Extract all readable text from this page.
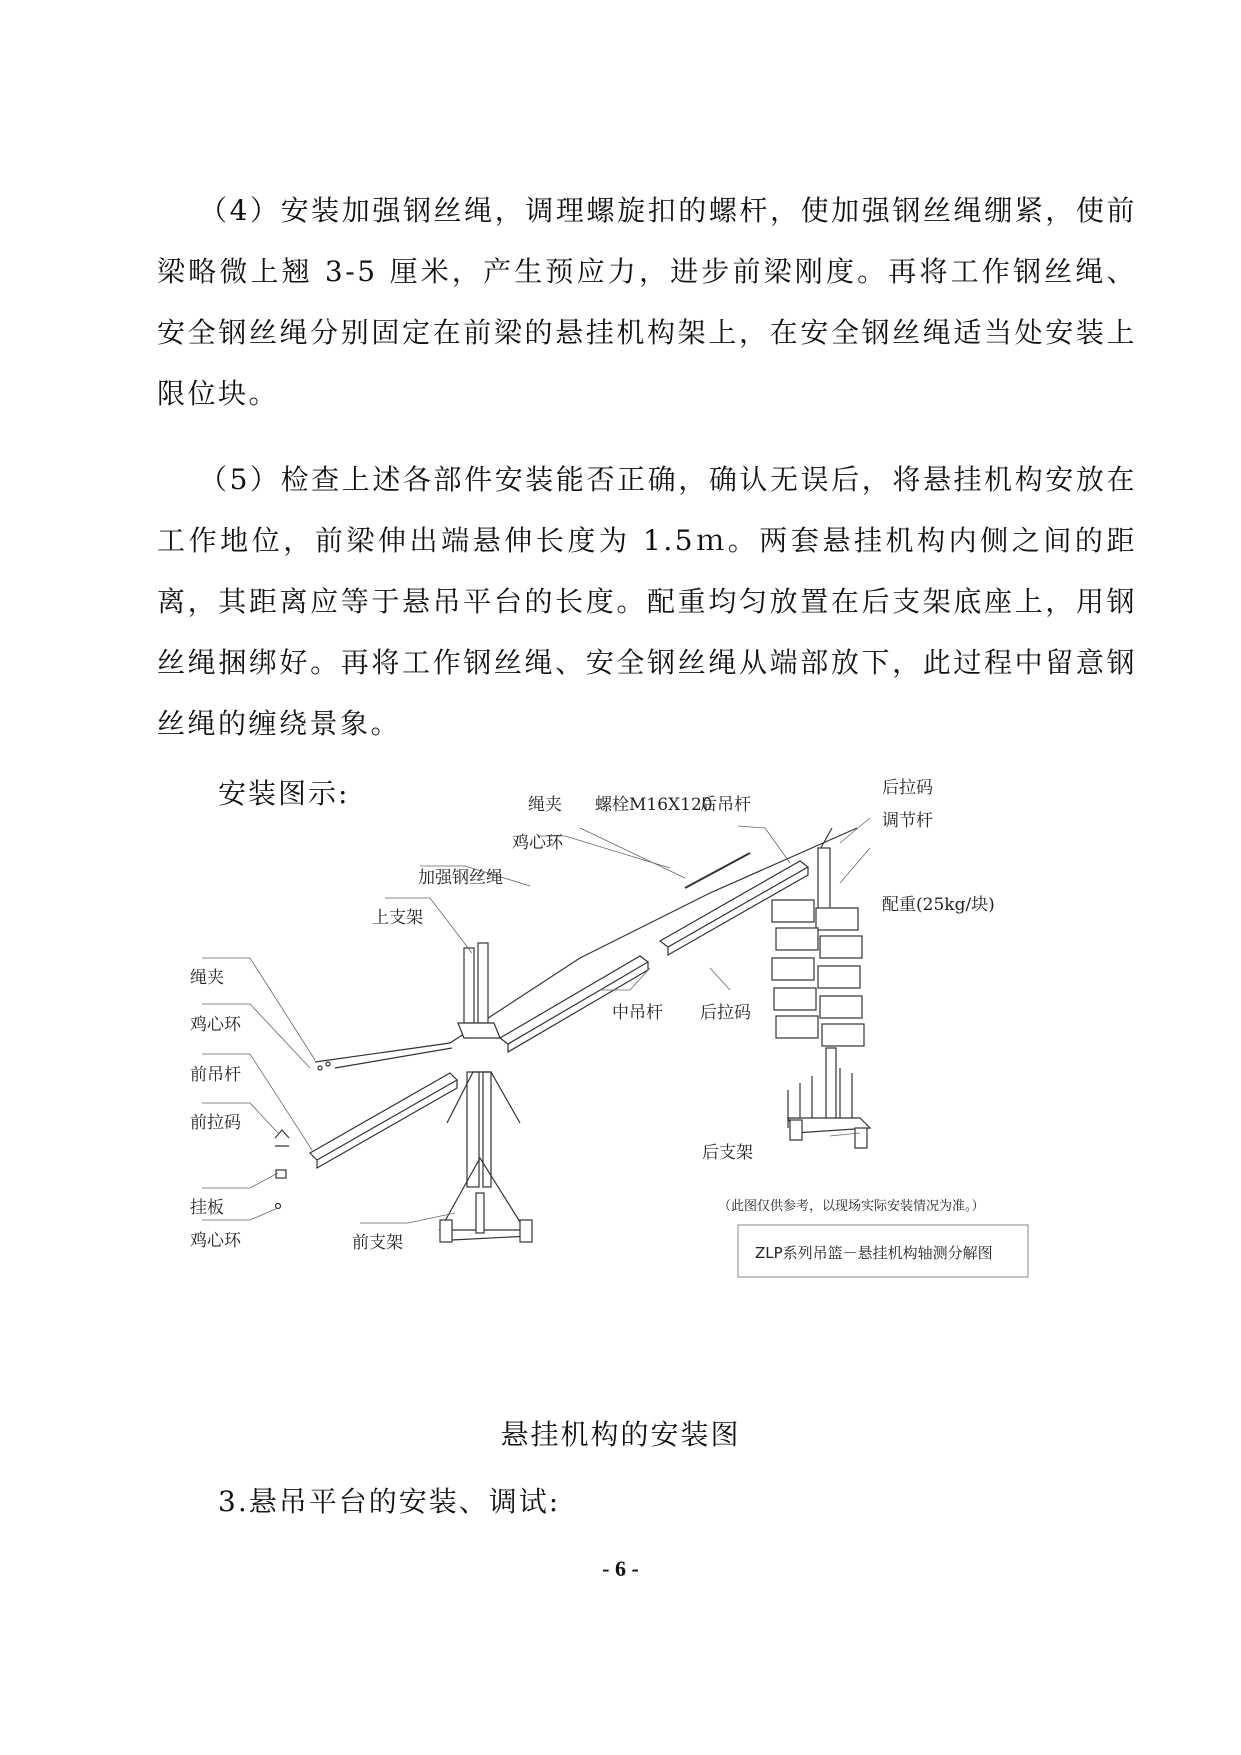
（4）安装加强钢丝绳，调理螺旋扣的螺杆，使加强钢丝绳绷紧，使前梁略微上翘 3-5 厘米，产生预应力，进步前梁刚度。再将工作钢丝绳、安全钢丝绳分别固定在前梁的悬挂机构架上，在安全钢丝绳适当处安装上限位块。

（5）检查上述各部件安装能否正确，确认无误后，将悬挂机构安放在工作地位，前梁伸出端悬伸长度为 1.5ｍ。两套悬挂机构内侧之间的距离，其距离应等于悬吊平台的长度。配重均匀放置在后支架底座上，用钢丝绳捆绑好。再将工作钢丝绳、安全钢丝绳从端部放下，此过程中留意钢丝绳的缠绕景象。

安装图示:	绳夹 螺栓M16X120
后吊杆
后拉码
调节杆
鸡心环
加强钢丝绳
配重(25kg/块)
上支架
绳夹
鸡心环
中吊杆 后拉码
前吊杆
前拉码
后支架
挂板
鸡心环	前支架
（此图仅供参考，以现场实际安装情况为准。）
ZLP系列吊篮－悬挂机构轴测分解图

悬挂机构的安装图

3.悬吊平台的安装、调试:

- 6 -
